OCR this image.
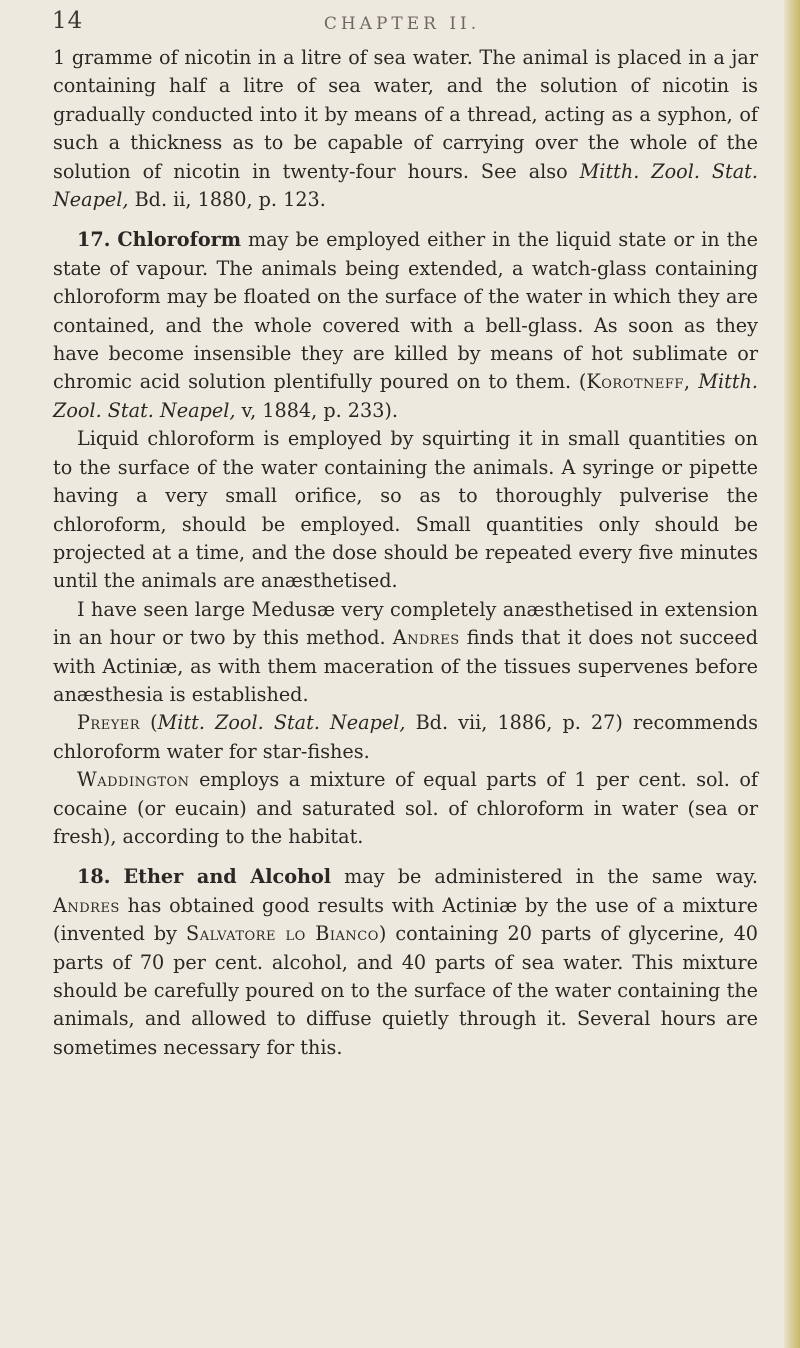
14	CHAPTER II.

1 gramme of nicotin in a litre of sea water. The animal is placed in a jar containing half a litre of sea water, and the solution of nicotin is gradually conducted into it by means of a thread, acting as a syphon, of such a thickness as to be capable of carrying over the whole of the solution of nicotin in twenty-four hours. See also Mitth. Zool. Stat. Neapel, Bd. ii, 1880, p. 123.

17. Chloroform may be employed either in the liquid state or in the state of vapour. The animals being extended, a watch-glass containing chloroform may be floated on the surface of the water in which they are contained, and the whole covered with a bell-glass. As soon as they have become insensible they are killed by means of hot sublimate or chromic acid solution plentifully poured on to them. (Korotneff, Mitth. Zool. Stat. Neapel, v, 1884, p. 233).

Liquid chloroform is employed by squirting it in small quantities on to the surface of the water containing the animals. A syringe or pipette having a very small orifice, so as to thoroughly pulverise the chloroform, should be employed. Small quantities only should be projected at a time, and the dose should be repeated every five minutes until the animals are anæsthetised.

I have seen large Medusæ very completely anæsthetised in extension in an hour or two by this method. Andres finds that it does not succeed with Actiniæ, as with them maceration of the tissues supervenes before anæsthesia is established.

Preyer (Mitt. Zool. Stat. Neapel, Bd. vii, 1886, p. 27) recommends chloroform water for star-fishes.

Waddington employs a mixture of equal parts of 1 per cent. sol. of cocaine (or eucain) and saturated sol. of chloroform in water (sea or fresh), according to the habitat.

18. Ether and Alcohol may be administered in the same way. Andres has obtained good results with Actiniæ by the use of a mixture (invented by Salvatore lo Bianco) containing 20 parts of glycerine, 40 parts of 70 per cent. alcohol, and 40 parts of sea water. This mixture should be carefully poured on to the surface of the water containing the animals, and allowed to diffuse quietly through it. Several hours are sometimes necessary for this.
